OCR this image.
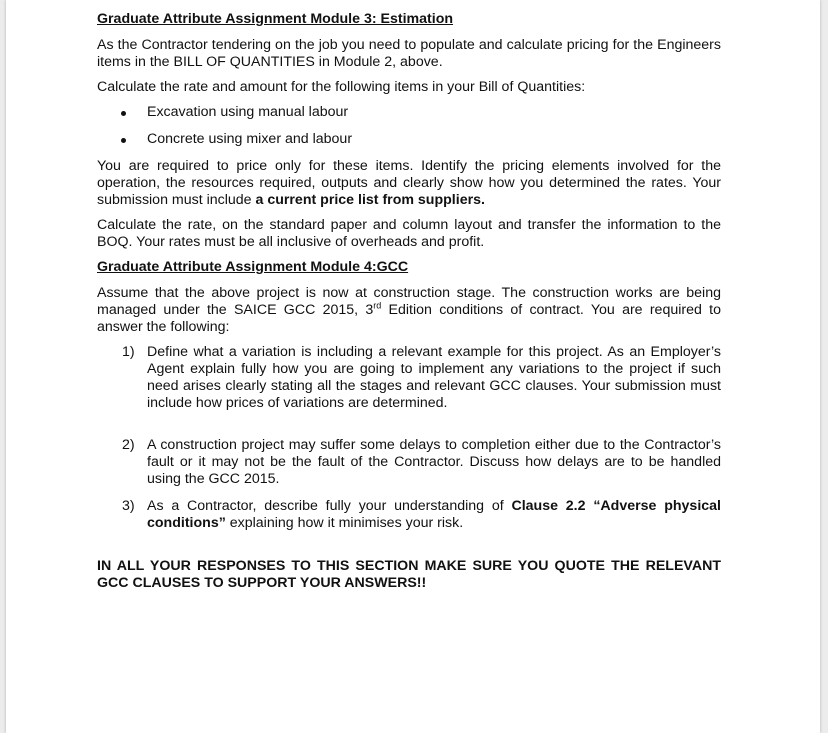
Graduate Attribute Assignment Module 3: Estimation
As the Contractor tendering on the job you need to populate and calculate pricing for the Engineers items in the BILL OF QUANTITIES in Module 2, above.
Calculate the rate and amount for the following items in your Bill of Quantities:
Excavation using manual labour
Concrete using mixer and labour
You are required to price only for these items. Identify the pricing elements involved for the operation, the resources required, outputs and clearly show how you determined the rates. Your submission must include a current price list from suppliers.
Calculate the rate, on the standard paper and column layout and transfer the information to the BOQ. Your rates must be all inclusive of overheads and profit.
Graduate Attribute Assignment Module 4:GCC
Assume that the above project is now at construction stage. The construction works are being managed under the SAICE GCC 2015, 3rd Edition conditions of contract. You are required to answer the following:
1) Define what a variation is including a relevant example for this project. As an Employer’s Agent explain fully how you are going to implement any variations to the project if such need arises clearly stating all the stages and relevant GCC clauses. Your submission must include how prices of variations are determined.
2) A construction project may suffer some delays to completion either due to the Contractor’s fault or it may not be the fault of the Contractor. Discuss how delays are to be handled using the GCC 2015.
3) As a Contractor, describe fully your understanding of Clause 2.2 “Adverse physical conditions” explaining how it minimises your risk.
IN ALL YOUR RESPONSES TO THIS SECTION MAKE SURE YOU QUOTE THE RELEVANT GCC CLAUSES TO SUPPORT YOUR ANSWERS!!
